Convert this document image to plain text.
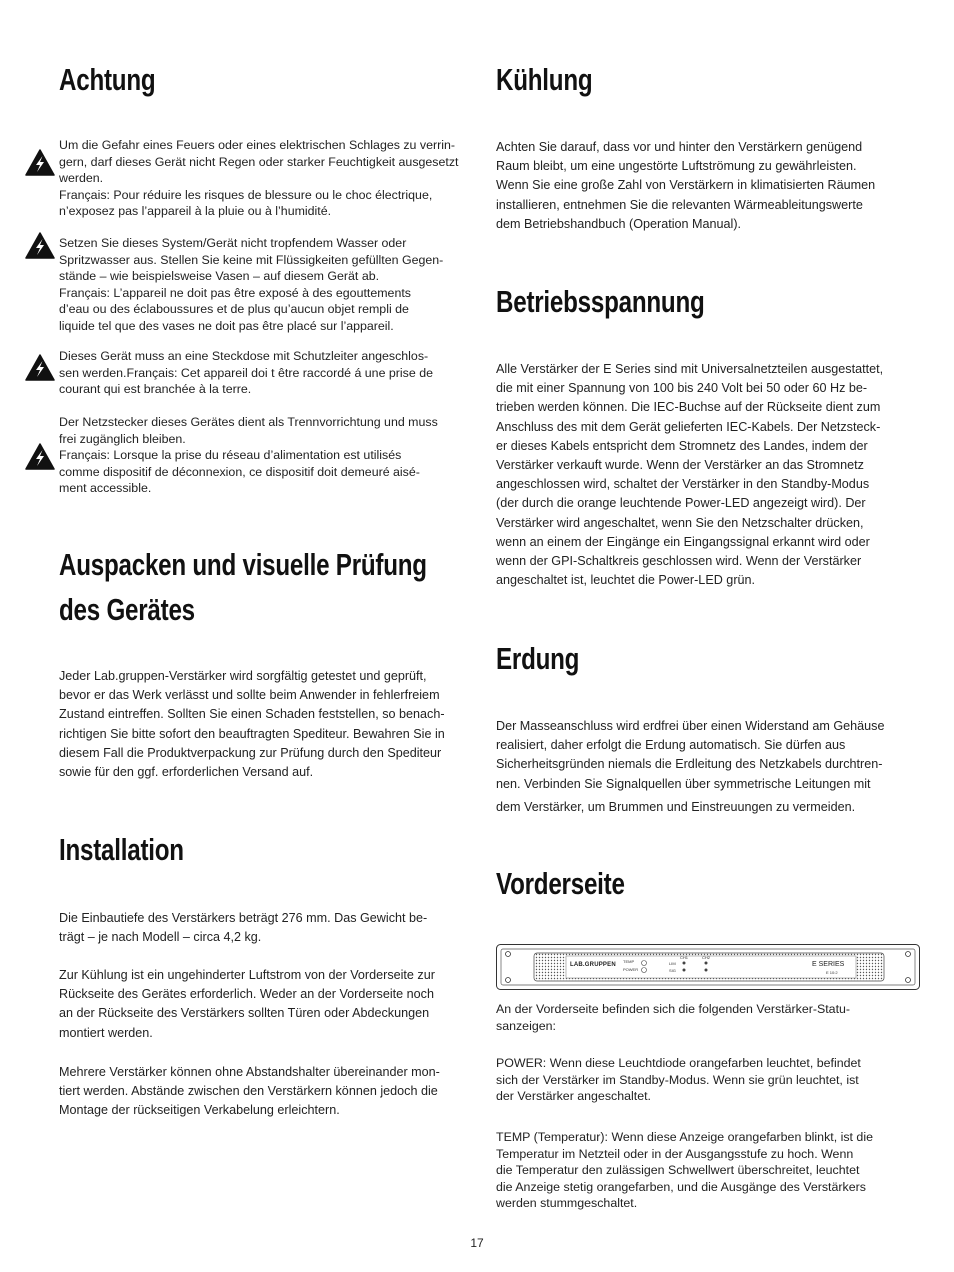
Achtung
Um die Gefahr eines Feuers oder eines elektrischen Schlages zu verrin-
gern, darf dieses Gerät nicht Regen oder starker Feuchtigkeit ausgesetzt
werden.
Français: Pour réduire les risques de blessure ou le choc électrique,
n’exposez pas l’appareil à la pluie ou à l’humidité.
Setzen Sie dieses System/Gerät nicht tropfendem Wasser oder
Spritzwasser aus. Stellen Sie keine mit Flüssigkeiten gefüllten Gegen-
stände – wie beispielsweise Vasen – auf diesem Gerät ab.
Français: L’appareil ne doit pas être exposé à des egouttements
d’eau ou des éclaboussures et de plus qu’aucun objet rempli de
liquide tel que des vases ne doit pas être placé sur l’appareil.
Dieses Gerät muss an eine Steckdose mit Schutzleiter angeschlos-
sen werden.Français: Cet appareil doi t être raccordé á une prise de
courant qui est branchée à la terre.
Der Netzstecker dieses Gerätes dient als Trennvorrichtung und muss
frei zugänglich bleiben.
Français: Lorsque la prise du réseau d’alimentation est utilisés
comme dispositif de déconnexion, ce dispositif doit demeuré aisé-
ment accessible.
Auspacken und visuelle Prüfung
des Gerätes
Jeder Lab.gruppen-Verstärker wird sorgfältig getestet und geprüft,
bevor er das Werk verlässt und sollte beim Anwender in fehlerfreiem
Zustand eintreffen. Sollten Sie einen Schaden feststellen, so benach-
richtigen Sie bitte sofort den beauftragten Spediteur. Bewahren Sie in
diesem Fall die Produktverpackung zur Prüfung durch den Spediteur
sowie für den ggf. erforderlichen Versand auf.
Installation
Die Einbautiefe des Verstärkers beträgt 276 mm. Das Gewicht be-
trägt – je nach Modell – circa 4,2 kg.
Zur Kühlung ist ein ungehinderter Luftstrom von der Vorderseite zur
Rückseite des Gerätes erforderlich. Weder an der Vorderseite noch
an der Rückseite des Verstärkers sollten Türen oder Abdeckungen
montiert werden.
Mehrere Verstärker können ohne Abstandshalter übereinander mon-
tiert werden. Abstände zwischen den Verstärkern können jedoch die
Montage der rückseitigen Verkabelung erleichtern.
Kühlung
Achten Sie darauf, dass vor und hinter den Verstärkern genügend
Raum bleibt, um eine ungestörte Luftströmung zu gewährleisten.
Wenn Sie eine große Zahl von Verstärkern in klimatisierten Räumen
installieren, entnehmen Sie die relevanten Wärmeableitungswerte
dem Betriebshandbuch (Operation Manual).
Betriebsspannung
Alle Verstärker der E Series sind mit Universalnetzteilen ausgestattet,
die mit einer Spannung von 100 bis 240 Volt bei 50 oder 60 Hz be-
trieben werden können. Die IEC-Buchse auf der Rückseite dient zum
Anschluss des mit dem Gerät gelieferten IEC-Kabels. Der Netzsteck-
er dieses Kabels entspricht dem Stromnetz des Landes, indem der
Verstärker verkauft wurde. Wenn der Verstärker an das Stromnetz
angeschlossen wird, schaltet der Verstärker in den Standby-Modus
(der durch die orange leuchtende Power-LED angezeigt wird). Der
Verstärker wird angeschaltet, wenn Sie den Netzschalter drücken,
wenn an einem der Eingänge ein Eingangssignal erkannt wird oder
wenn der GPI-Schaltkreis geschlossen wird. Wenn der Verstärker
angeschaltet ist, leuchtet die Power-LED grün.
Erdung
Der Masseanschluss wird erdfrei über einen Widerstand am Gehäuse
realisiert, daher erfolgt die Erdung automatisch. Sie dürfen aus
Sicherheitsgründen niemals die Erdleitung des Netzkabels durchtren-
nen. Verbinden Sie Signalquellen über symmetrische Leitungen mit
dem Verstärker, um Brummen und Einstreuungen zu vermeiden.
Vorderseite
An der Vorderseite befinden sich die folgenden Verstärker-Statu-
sanzeigen:
POWER: Wenn diese Leuchtdiode orangefarben leuchtet, befindet
sich der Verstärker im Standby-Modus. Wenn sie grün leuchtet, ist
der Verstärker angeschaltet.
TEMP (Temperatur): Wenn diese Anzeige orangefarben blinkt, ist die
Temperatur im Netzteil oder in der Ausgangsstufe zu hoch. Wenn
die Temperatur den zulässigen Schwellwert überschreitet, leuchtet
die Anzeige stetig orangefarben, und die Ausgänge des Verstärkers
werden stummgeschaltet.
LAB.GRUPPEN
TEMP
POWER
CH1	CH2
LIM
SIG
E SERIES
E 10:2
17
